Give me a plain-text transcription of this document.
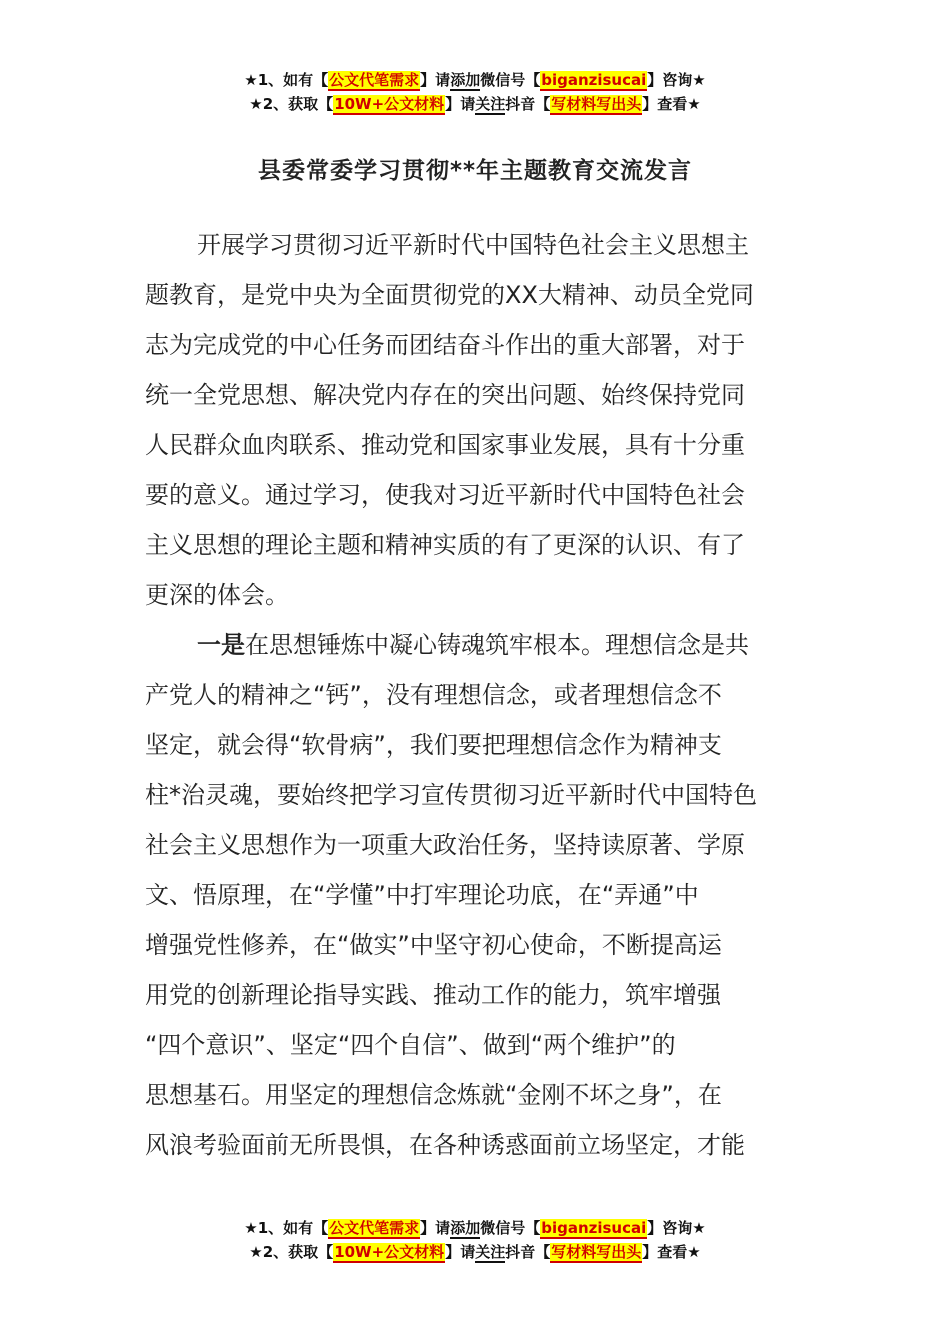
★1、如有【公文代笔需求】请添加微信号【biganzisucai】咨询★
★2、获取【10W+公文材料】请关注抖音【写材料写出头】查看★
县委常委学习贯彻**年主题教育交流发言
开展学习贯彻习近平新时代中国特色社会主义思想主
题教育，是党中央为全面贯彻党的XX大精神、动员全党同
志为完成党的中心任务而团结奋斗作出的重大部署，对于
统一全党思想、解决党内存在的突出问题、始终保持党同
人民群众血肉联系、推动党和国家事业发展，具有十分重
要的意义。通过学习，使我对习近平新时代中国特色社会
主义思想的理论主题和精神实质的有了更深的认识、有了
更深的体会。
一是在思想锤炼中凝心铸魂筑牢根本。理想信念是共
产党人的精神之“钙”，没有理想信念，或者理想信念不
坚定，就会得“软骨病”，我们要把理想信念作为精神支
柱*治灵魂，要始终把学习宣传贯彻习近平新时代中国特色
社会主义思想作为一项重大政治任务，坚持读原著、学原
文、悟原理，在“学懂”中打牢理论功底，在“弄通”中
增强党性修养，在“做实”中坚守初心使命，不断提高运
用党的创新理论指导实践、推动工作的能力，筑牢增强
“四个意识”、坚定“四个自信”、做到“两个维护”的
思想基石。用坚定的理想信念炼就“金刚不坏之身”，在
风浪考验面前无所畏惧，在各种诱惑面前立场坚定，才能
★1、如有【公文代笔需求】请添加微信号【biganzisucai】咨询★
★2、获取【10W+公文材料】请关注抖音【写材料写出头】查看★
